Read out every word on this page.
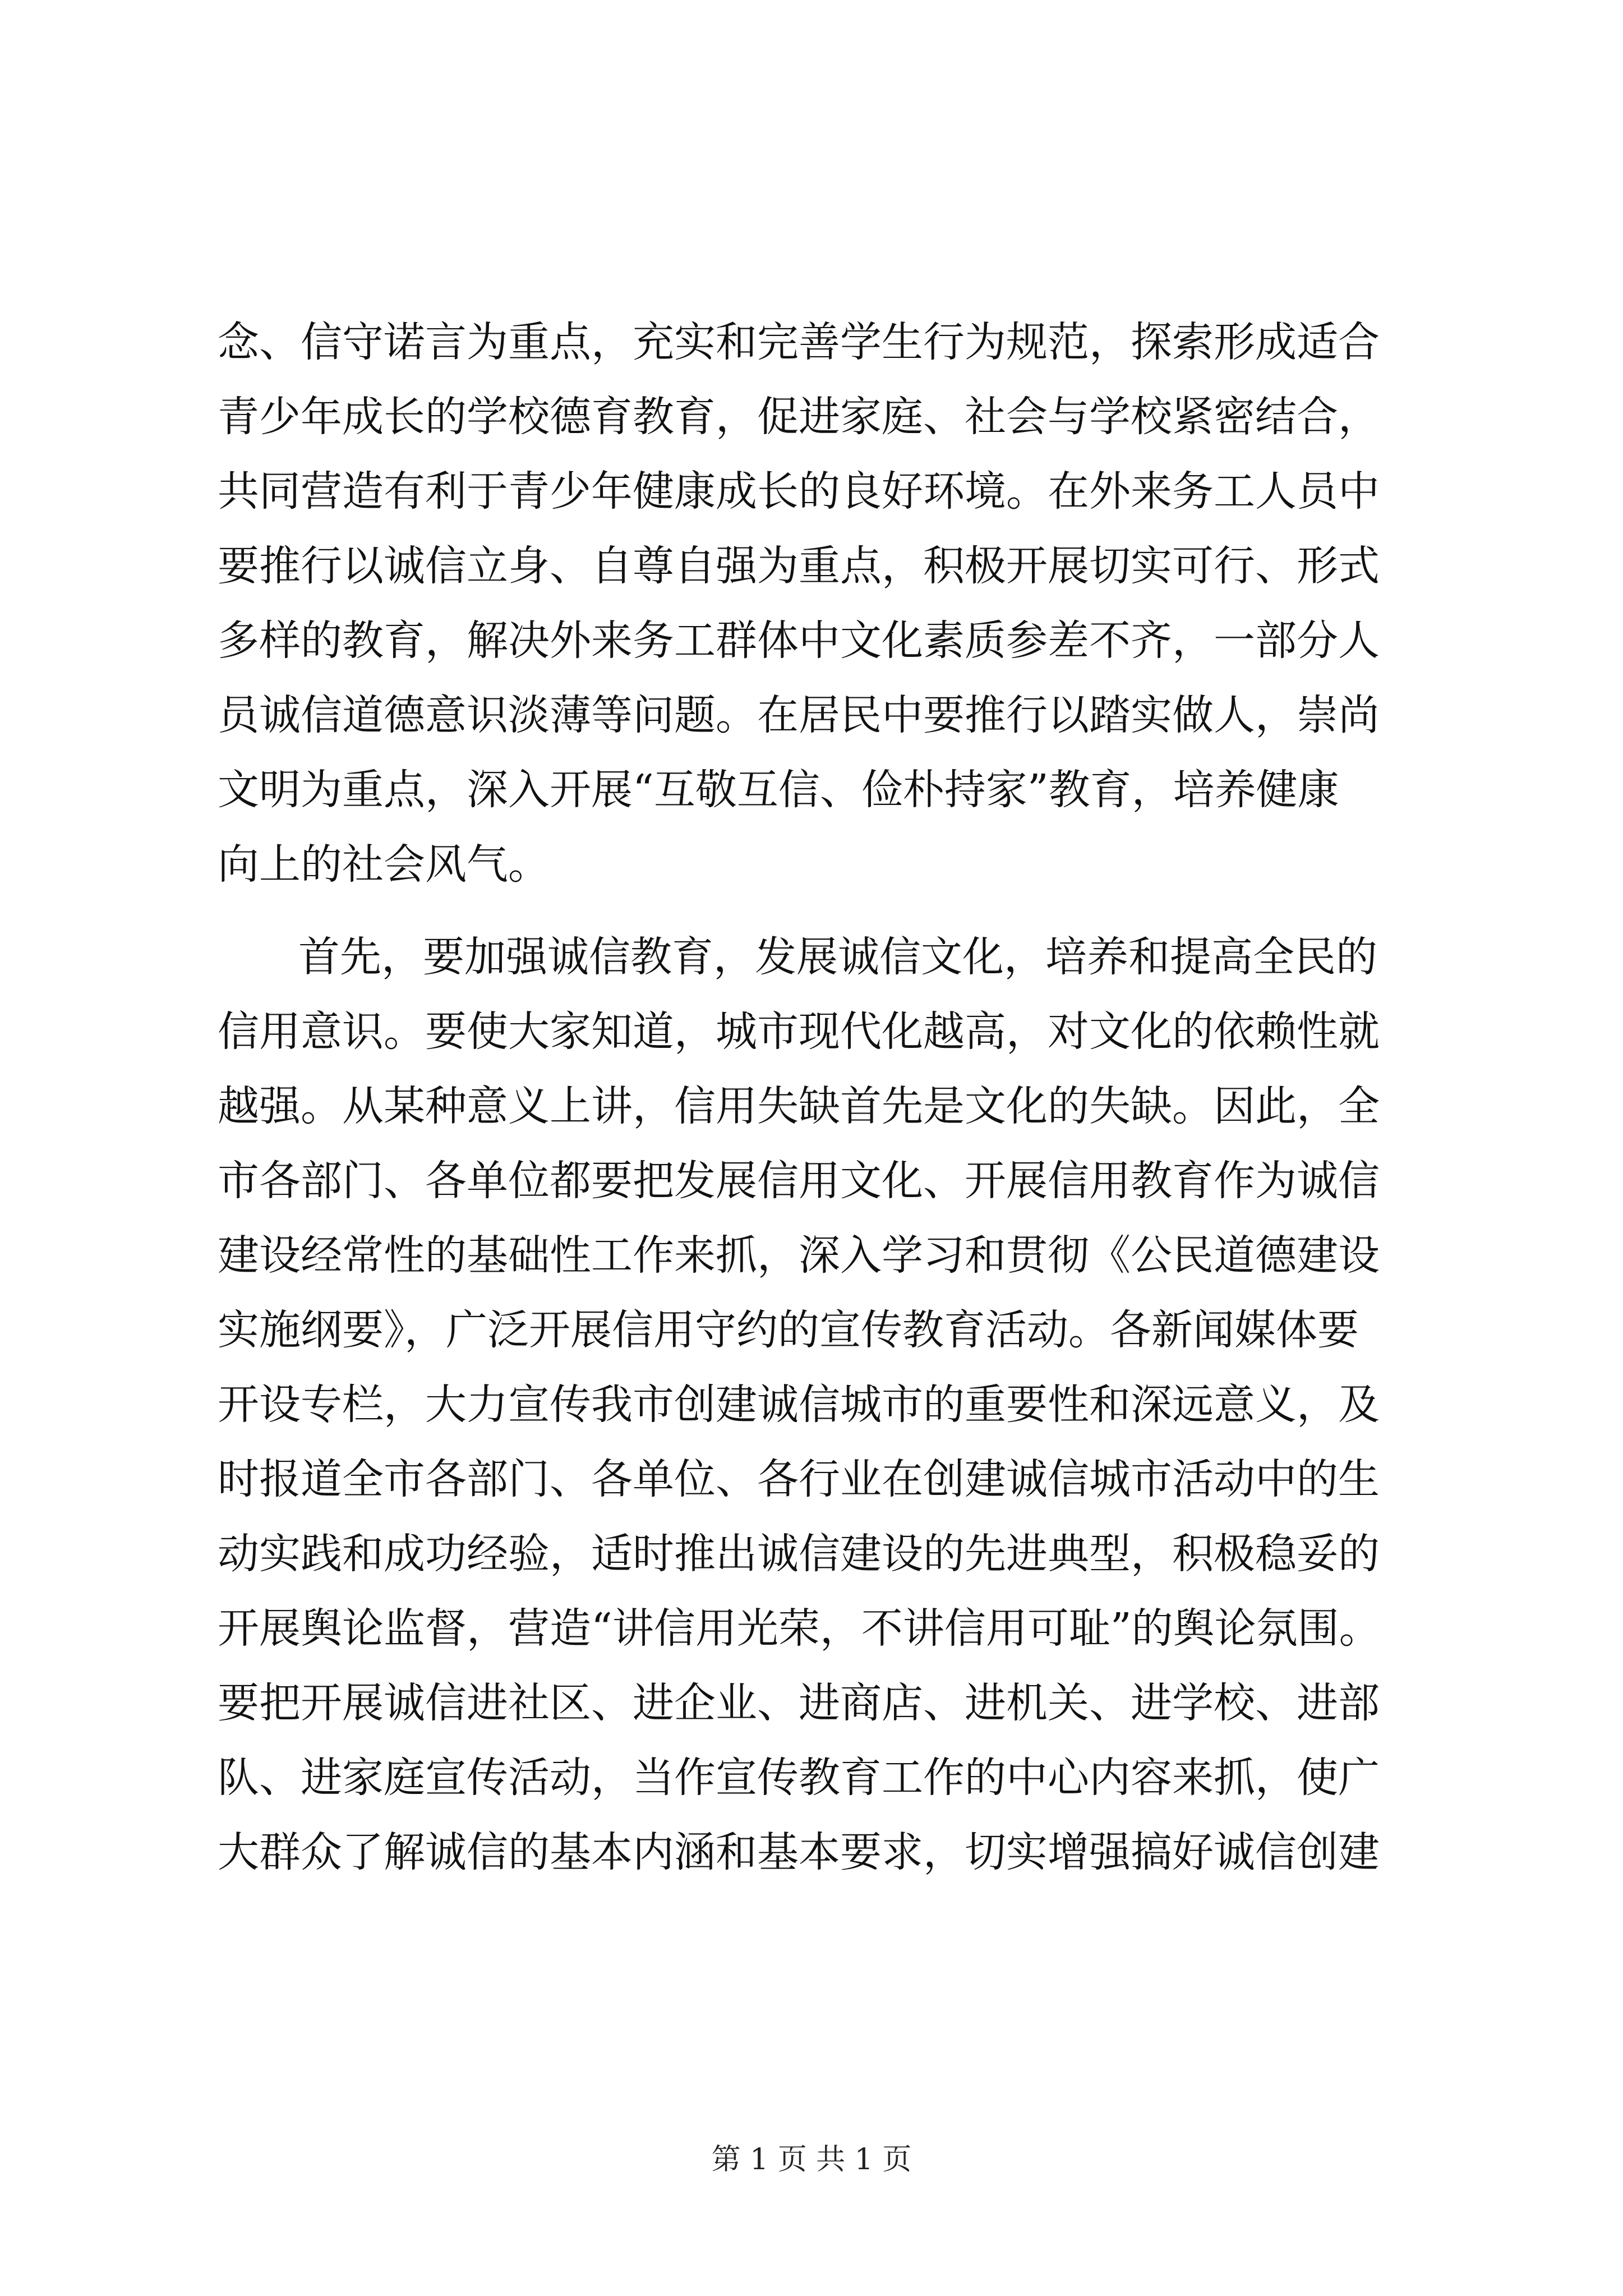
念、信守诺言为重点，充实和完善学生行为规范，探索形成适合
青少年成长的学校德育教育，促进家庭、社会与学校紧密结合，
共同营造有利于青少年健康成长的良好环境。在外来务工人员中
要推行以诚信立身、自尊自强为重点，积极开展切实可行、形式
多样的教育，解决外来务工群体中文化素质参差不齐，一部分人
员诚信道德意识淡薄等问题。在居民中要推行以踏实做人，崇尚
文明为重点，深入开展“互敬互信、俭朴持家”教育，培养健康
向上的社会风气。
首先，要加强诚信教育，发展诚信文化，培养和提高全民的
信用意识。要使大家知道，城市现代化越高，对文化的依赖性就
越强。从某种意义上讲，信用失缺首先是文化的失缺。因此，全
市各部门、各单位都要把发展信用文化、开展信用教育作为诚信
建设经常性的基础性工作来抓，深入学习和贯彻《公民道德建设
实施纲要》，广泛开展信用守约的宣传教育活动。各新闻媒体要
开设专栏，大力宣传我市创建诚信城市的重要性和深远意义，及
时报道全市各部门、各单位、各行业在创建诚信城市活动中的生
动实践和成功经验，适时推出诚信建设的先进典型，积极稳妥的
开展舆论监督，营造“讲信用光荣，不讲信用可耻”的舆论氛围。
要把开展诚信进社区、进企业、进商店、进机关、进学校、进部
队、进家庭宣传活动，当作宣传教育工作的中心内容来抓，使广
大群众了解诚信的基本内涵和基本要求，切实增强搞好诚信创建
第 1 页 共 1 页
